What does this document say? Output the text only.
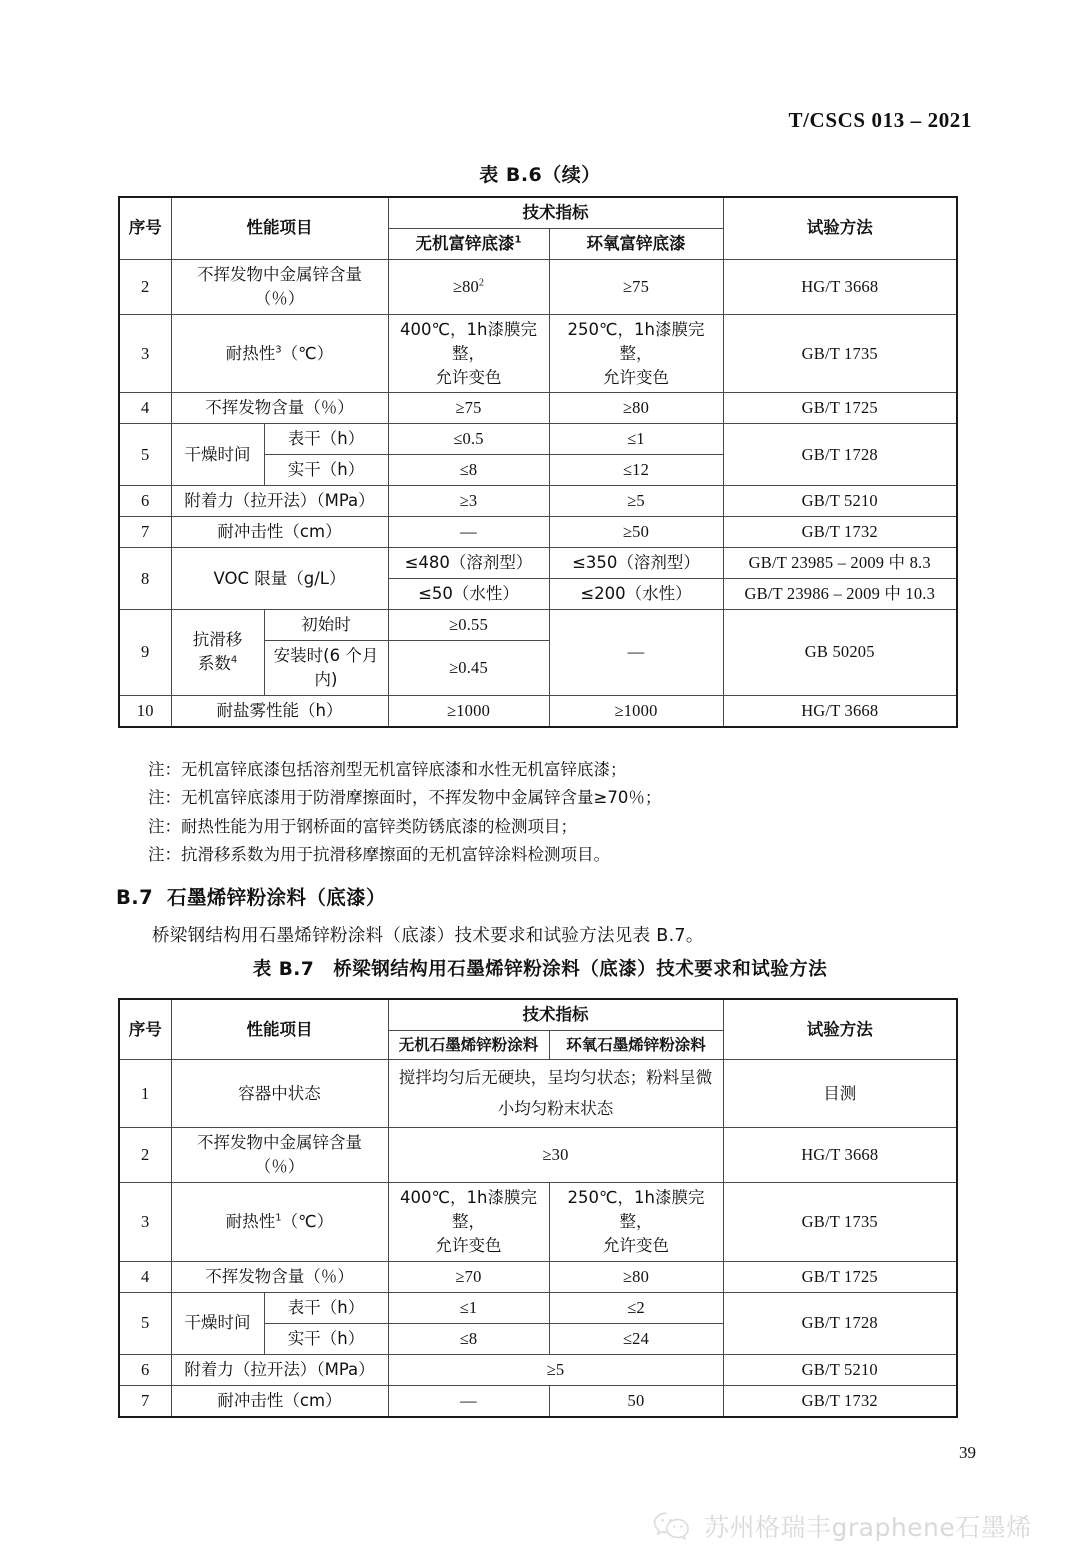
T/CSCS 013 – 2021
表 B.6（续）
序号	性能项目		技术指标		试验方法
			无机富锌底漆$^1$	环氧富锌底漆	
2	不挥发物中金属锌含量
（％）		$\ge 80^2$	≥75	HG/T 3668
3	耐热性$^3$（℃）		400℃，1h漆膜完整，
允许变色	250℃，1h漆膜完整，
允许变色	GB/T 1735
4	不挥发物含量（％）		≥75	≥80	GB/T 1725
5	干燥时间	表干（h）	≤0.5	≤1	GB/T 1728
		实干（h）	≤8	≤12	
6	附着力（拉开法）（MPa）		≥3	≥5	GB/T 5210
7	耐冲击性（cm）		—	≥50	GB/T 1732
8	VOC 限量（g/L）		≤480（溶剂型）	≤350（溶剂型）	GB/T 23985 – 2009 中 8.3
			≤50（水性）	≤200（水性）	GB/T 23986 – 2009 中 10.3
9	抗滑移
系数$^4$	初始时	≥0.55	—	GB 50205
		安装时(6 个月内)	≥0.45		
10	耐盐雾性能（h）		≥1000	≥1000	HG/T 3668
注：无机富锌底漆包括溶剂型无机富锌底漆和水性无机富锌底漆；
注：无机富锌底漆用于防滑摩擦面时，不挥发物中金属锌含量≥70％；
注：耐热性能为用于钢桥面的富锌类防锈底漆的检测项目；
注：抗滑移系数为用于抗滑移摩擦面的无机富锌涂料检测项目。
B.7 石墨烯锌粉涂料（底漆）
桥梁钢结构用石墨烯锌粉涂料（底漆）技术要求和试验方法见表 B.7。
表 B.7　桥梁钢结构用石墨烯锌粉涂料（底漆）技术要求和试验方法
序号	性能项目		技术指标		试验方法
			无机石墨烯锌粉涂料	环氧石墨烯锌粉涂料	
1	容器中状态		搅拌均匀后无硬块，呈均匀状态；粉料呈微小均匀粉末状态		目测
2	不挥发物中金属锌含量
（％）		≥30		HG/T 3668
3	耐热性$^1$（℃）		400℃，1h漆膜完整，
允许变色	250℃，1h漆膜完整，
允许变色	GB/T 1735
4	不挥发物含量（％）		≥70	≥80	GB/T 1725
5	干燥时间	表干（h）	≤1	≤2	GB/T 1728
		实干（h）	≤8	≤24	
6	附着力（拉开法）（MPa）		≥5		GB/T 5210
7	耐冲击性（cm）		—	50	GB/T 1732
39
苏州格瑞丰graphene石墨烯
